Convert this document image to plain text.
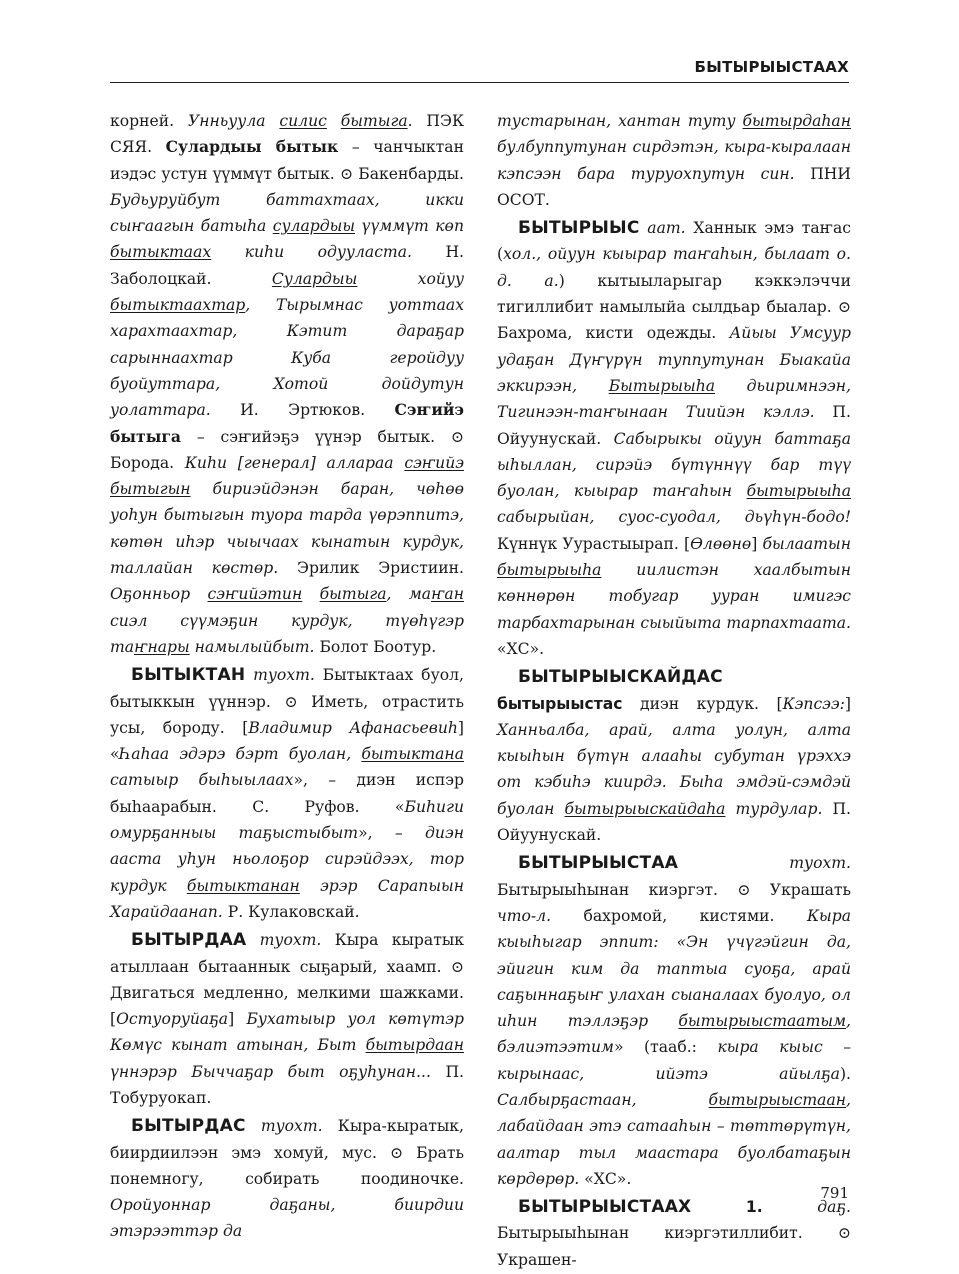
БЫТЫРЫЫСТААХ

корней. Унньуула силис бытыга. ПЭК СЯЯ. Сулардыы бытык – чанчыктан иэдэс устун үүммүт бытык. ⊙ Бакенбарды. Будьуруйбут баттахтаах, икки сыҥаагын батыһа сулардыы үүммүт көп бытыктаах киһи одууласта. Н. Заболоцкай. Сулардыы хойуу бытыктаахтар, Тырымнас уоттаах харахтаахтар, Кэтит дараҕар сарыннаахтар Куба геройдуу буойуттара, Хотой дойдутун уолаттара. И. Эртюков. Сэҥийэ бытыга – сэҥийэҕэ үүнэр бытык. ⊙ Борода. Киһи [генерал] алларaa сэҥийэ бытыгын бириэйдэнэн баран, чөһөө уоһун бытыгын туора тарда үөрэппитэ, көтөн иһэр чыычаах кынатын курдук, таллайан көстөр. Эрилик Эристиин. Оҕонньор сэҥийэтин бытыга, маҥан сиэл сүүмэҕин курдук, түөһүгэр таҥнары намылыйбыт. Болот Боотур.

БЫТЫКТАН туохт. Бытыктаах буол, бытыккын үүннэр. ⊙ Иметь, отрастить усы, бороду. [Владимир Афанасьевиһ] «Һаһаа эдэрэ бэрт буолан, бытыктана сатыыр быһыылаах», – диэн испэр быһаарабын. С. Руфов. «Биһиги омурҕанныы таҕыстыбыт», – диэн ааста уһун ньолоҕор сирэйдээх, тор курдук бытыктанан эрэр Сарапыын Харайдаанап. Р. Кулаковскай.

БЫТЫРДАА туохт. Кыра кыратык атыллаан бытааннык сыҕарый, хаамп. ⊙ Двигаться медленно, мелкими шажками. [Остуоруйаҕа] Бухатыыр уол көтүтэр Көмүс кынат атынан, Быт бытырдаан үннэрэр Быччаҕар быт оҕуһунан... П. Тобуруокап.

БЫТЫРДАС туохт. Кыра-кыратык, биирдиилээн эмэ хомуй, мус. ⊙ Брать понемногу, собирать поодиночке. Оройуоннар даҕаны, биирдии этэрээттэр да

тустарынан, хантан туту бытырдаһан булбуппутунан сирдэтэн, кыра-кыралаан кэпсээн бара туруохпутун син. ПНИ ОСОТ.

БЫТЫРЫЫС аат. Ханнык эмэ таҥас (хол., ойуун кыырар таҥаһын, былаат о. д. а.) кытыыларыгар кэккэлэччи тигиллибит намылыйа сылдьар быалар. ⊙ Бахрома, кисти одежды. Айыы Умсуур удаҕан Дүҥүрүн туппутунан Быакайа эккирээн, Бытырыыһа дьиримнээн, Тигинээн-таҥынаан Тиийэн кэллэ. П. Ойуунускай. Сабырыкы ойуун баттаҕа ыһыллан, сирэйэ бүтүннүү бар түү буолан, кыырар таҥаһын бытырыыһа сабырыйан, суос-суодал, дьүһүн-бодо! Күннүк Уурастыырап. [Өлөөнө] былаатын бытырыыһа иилистэн хаалбытын көннөрөн тобугар ууран имигэс тарбахтарынан сыыйыта тарпахтаата. «ХС».

БЫТЫРЫЫСКАЙДАС бытырыыстас диэн курдук. [Кэпсээ:] Ханньалба, арай, алта уолун, алта кыыһын бүтүн алааһы субутан үрэххэ от кэбиһэ киирдэ. Быһа эмдэй-сэмдэй буолан бытырыыскайдаһа турдулар. П. Ойуунускай.

БЫТЫРЫЫСТАА туохт. Бытырыыһынан киэргэт. ⊙ Украшать что-л. бахромой, кистями. Кыра кыыһыгар эппит: «Эн үчүгэйгин да, эйигин ким да таптыа суоҕа, арай саҕыннаҕыҥ улахан сыаналаах буолуо, ол иһин тэллэҕэр бытырыыстаатым, бэлиэтээтим» (тааб.: кыра кыыс – кырынаас, ийэтэ айылҕа). Салбырҕастаан, бытырыыстаан, лабайдаан этэ сатааһын – төттөрүтүн, аалтар тыл маастара буолбатаҕын көрдөрөр. «ХС».

БЫТЫРЫЫСТААХ 1. даҕ. Бытырыыһынан киэргэтиллибит. ⊙ Украшен-

791
